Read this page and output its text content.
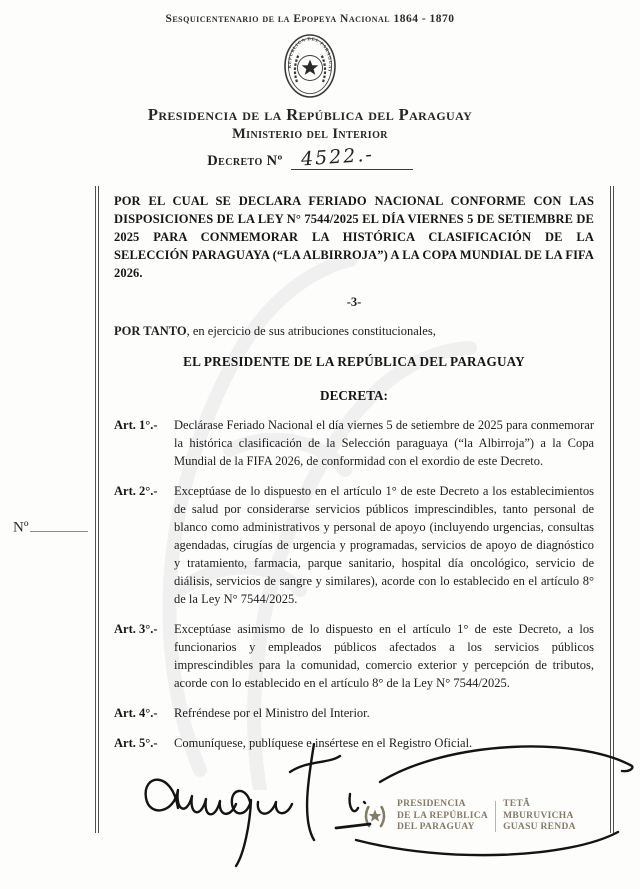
Sesquicentenario de la Epopeya Nacional 1864 - 1870
REPUBLICA DEL PARAGUAY
Presidencia de la República del Paraguay
Ministerio del Interior
Decreto Nº 4522.-
POR EL CUAL SE DECLARA FERIADO NACIONAL CONFORME CON LAS DISPOSICIONES DE LA LEY N° 7544/2025 EL DÍA VIERNES 5 DE SETIEMBRE DE 2025 PARA CONMEMORAR LA HISTÓRICA CLASIFICACIÓN DE LA SELECCIÓN PARAGUAYA (“LA ALBIRROJA”) A LA COPA MUNDIAL DE LA FIFA 2026.
-3-
POR TANTO, en ejercicio de sus atribuciones constitucionales,
EL PRESIDENTE DE LA REPÚBLICA DEL PARAGUAY
DECRETA:
Art. 1°.-	Declárase Feriado Nacional el día viernes 5 de setiembre de 2025 para conmemorar la histórica clasificación de la Selección paraguaya (“la Albirroja”) a la Copa Mundial de la FIFA 2026, de conformidad con el exordio de este Decreto.
Art. 2°.-	Exceptúase de lo dispuesto en el artículo 1° de este Decreto a los establecimientos de salud por considerarse servicios públicos imprescindibles, tanto personal de blanco como administrativos y personal de apoyo (incluyendo urgencias, consultas agendadas, cirugías de urgencia y programadas, servicios de apoyo de diagnóstico y tratamiento, farmacia, parque sanitario, hospital día oncológico, servicio de diálisis, servicios de sangre y similares), acorde con lo establecido en el artículo 8° de la Ley N° 7544/2025.
Art. 3°.-	Exceptúase asimismo de lo dispuesto en el artículo 1° de este Decreto, a los funcionarios y empleados públicos afectados a los servicios públicos imprescindibles para la comunidad, comercio exterior y percepción de tributos, acorde con lo establecido en el artículo 8° de la Ley N° 7544/2025.
Art. 4°.-	Refréndese por el Ministro del Interior.
Art. 5°.-	Comuníquese, publíquese e insértese en el Registro Oficial.
Nº
PRESIDENCIA
DE LA REPÚBLICA
DEL PARAGUAY
TETÃ
MBURUVICHA
GUASU RENDA
